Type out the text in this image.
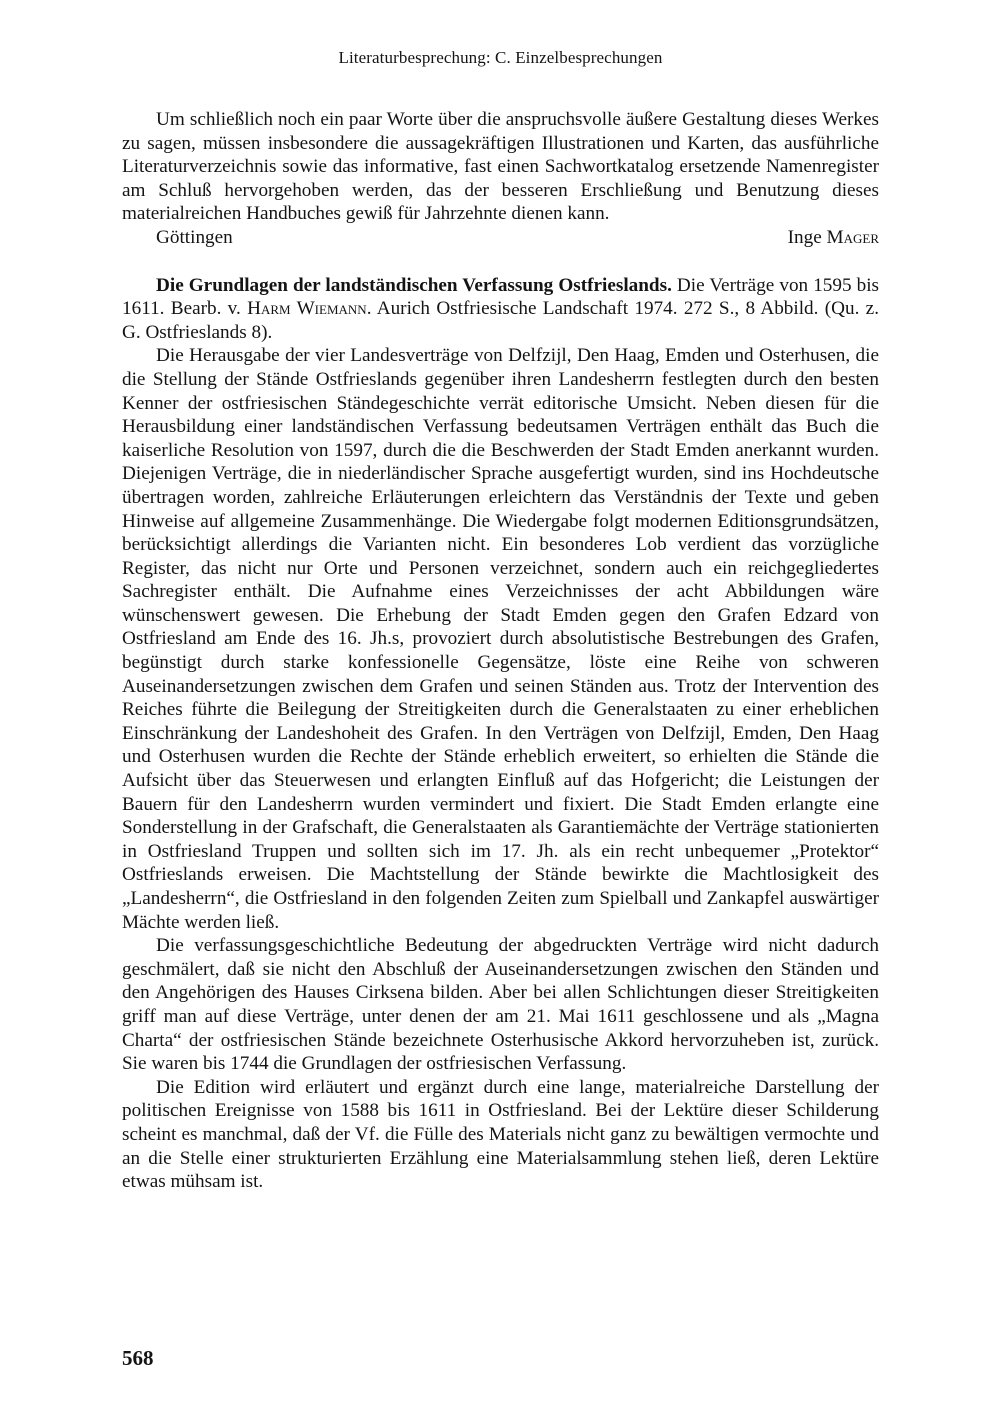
Literaturbesprechung: C. Einzelbesprechungen

Um schließlich noch ein paar Worte über die anspruchsvolle äußere Gestaltung dieses Werkes zu sagen, müssen insbesondere die aussagekräftigen Illustrationen und Karten, das ausführliche Literaturverzeichnis sowie das informative, fast einen Sachwortkatalog ersetzende Namenregister am Schluß hervorgehoben werden, das der besseren Erschließung und Benutzung dieses materialreichen Handbuches gewiß für Jahrzehnte dienen kann.

Göttingen	Inge Mager

Die Grundlagen der landständischen Verfassung Ostfrieslands. Die Verträge von 1595 bis 1611. Bearb. v. Harm Wiemann. Aurich Ostfriesische Landschaft 1974. 272 S., 8 Abbild. (Qu. z. G. Ostfrieslands 8).

Die Herausgabe der vier Landesverträge von Delfzijl, Den Haag, Emden und Osterhusen, die die Stellung der Stände Ostfrieslands gegenüber ihren Landesherrn festlegten durch den besten Kenner der ostfriesischen Ständegeschichte verrät editorische Umsicht. Neben diesen für die Herausbildung einer landständischen Verfassung bedeutsamen Verträgen enthält das Buch die kaiserliche Resolution von 1597, durch die die Beschwerden der Stadt Emden anerkannt wurden. Diejenigen Verträge, die in niederländischer Sprache ausgefertigt wurden, sind ins Hochdeutsche übertragen worden, zahlreiche Erläuterungen erleichtern das Verständnis der Texte und geben Hinweise auf allgemeine Zusammenhänge. Die Wiedergabe folgt modernen Editionsgrundsätzen, berücksichtigt allerdings die Varianten nicht. Ein besonderes Lob verdient das vorzügliche Register, das nicht nur Orte und Personen verzeichnet, sondern auch ein reichgegliedertes Sachregister enthält. Die Aufnahme eines Verzeichnisses der acht Abbildungen wäre wünschenswert gewesen. Die Erhebung der Stadt Emden gegen den Grafen Edzard von Ostfriesland am Ende des 16. Jh.s, provoziert durch absolutistische Bestrebungen des Grafen, begünstigt durch starke konfessionelle Gegensätze, löste eine Reihe von schweren Auseinandersetzungen zwischen dem Grafen und seinen Ständen aus. Trotz der Intervention des Reiches führte die Beilegung der Streitigkeiten durch die Generalstaaten zu einer erheblichen Einschränkung der Landeshoheit des Grafen. In den Verträgen von Delfzijl, Emden, Den Haag und Osterhusen wurden die Rechte der Stände erheblich erweitert, so erhielten die Stände die Aufsicht über das Steuerwesen und erlangten Einfluß auf das Hofgericht; die Leistungen der Bauern für den Landesherrn wurden vermindert und fixiert. Die Stadt Emden erlangte eine Sonderstellung in der Grafschaft, die Generalstaaten als Garantiemächte der Verträge stationierten in Ostfriesland Truppen und sollten sich im 17. Jh. als ein recht unbequemer „Protektor“ Ostfrieslands erweisen. Die Machtstellung der Stände bewirkte die Machtlosigkeit des „Landesherrn“, die Ostfriesland in den folgenden Zeiten zum Spielball und Zankapfel auswärtiger Mächte werden ließ.

Die verfassungsgeschichtliche Bedeutung der abgedruckten Verträge wird nicht dadurch geschmälert, daß sie nicht den Abschluß der Auseinandersetzungen zwischen den Ständen und den Angehörigen des Hauses Cirksena bilden. Aber bei allen Schlichtungen dieser Streitigkeiten griff man auf diese Verträge, unter denen der am 21. Mai 1611 geschlossene und als „Magna Charta“ der ostfriesischen Stände bezeichnete Osterhusische Akkord hervorzuheben ist, zurück. Sie waren bis 1744 die Grundlagen der ostfriesischen Verfassung.

Die Edition wird erläutert und ergänzt durch eine lange, materialreiche Darstellung der politischen Ereignisse von 1588 bis 1611 in Ostfriesland. Bei der Lektüre dieser Schilderung scheint es manchmal, daß der Vf. die Fülle des Materials nicht ganz zu bewältigen vermochte und an die Stelle einer strukturierten Erzählung eine Materialsammlung stehen ließ, deren Lektüre etwas mühsam ist.

568
